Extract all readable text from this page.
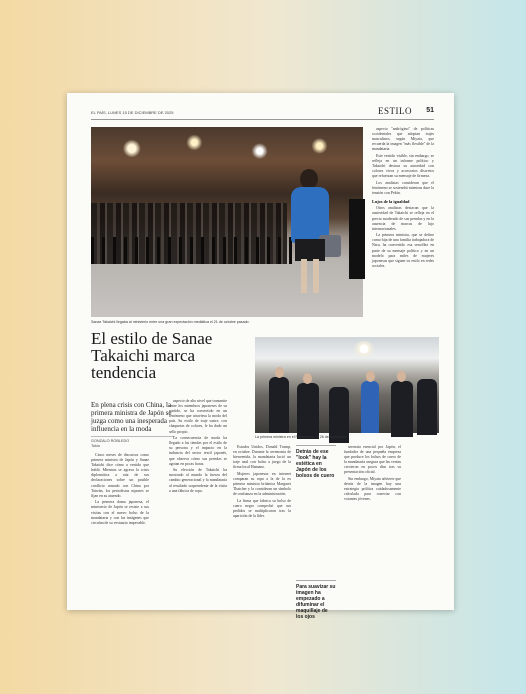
EL PAÍS, LUNES 15 DE DICIEMBRE DE 2025	ESTILO 51
Sanae Takaichi llegaba al ministerio entre una gran expectación mediática el 21 de octubre pasado.
El estilo de Sanae Takaichi marca tendencia
En plena crisis con China, la primera ministra de Japón se juzga como una inesperada influencia en la moda
GONZALO ROBLEDO
Tokio

Cinco meses de discursos como primera ministra de Japón y Sanae Takaichi dice cómo a vestido que habló. Mientras se agrava la crisis diplomática a raíz de sus declaraciones sobre un posible conflicto armado con China por Taiwán, los periodistas nipones se fijan en su atuendo.

La primera dama japonesa, el ministerio de Japón se resiste a sus visitas con el nuevo bolso de la mandataria y con las imágenes que circulan de su vestuario impecable.

aspecto de alto nivel que transmite entre los miembros japoneses de su partido, se ha convertido en un fenómeno que atraviesa la moda del país. Su estilo de traje sastre, con chaquetas de colores, le ha dado un sello propio.

La consecuencia de moda ha llegado a las tiendas por el estilo de su persona y el impacto en la industria del sector textil japonés, que observa cómo sus prendas se agotan en pocas horas.

Su elección de Takaichi ha mostrado al mundo la fuerza del cambio generacional y la mandataria al resultado sorprendente de la visita a una fábrica de ropa.

La primera ministra en el Parlamento, el 26 de noviembre.

Estados Unidos, Donald Trump, en octubre. Durante la ceremonia de bienvenida, la mandataria lució un traje azul con bolso a juego de la firma local Hamano.

Mujeres japonesas en internet comparan su ropa a la de la ex primera ministra británica Margaret Thatcher y la consideran un símbolo de confianza en la administración.

La firma que fabrica su bolso de cuero negro comprobó que sus pedidos se multiplicaron tras la aparición de la líder.

Detrás de ese "look" hay la estética en Japón de los bolsos de cuero

serenata esencial por Japón, el fundador de una pequeña empresa que produce los bolsos de cuero de la mandataria asegura que las ventas crecieron en pocos días tras su presentación oficial.

Sin embargo, Miyata advierte que detrás de la imagen hay una estrategia política cuidadosamente calculada para conectar con votantes jóvenes.

Para suavizar su imagen ha empezado a difuminar el maquillaje de los ojos

aspecto "andrógino" de políticas occidentales que adoptan trajes masculinos, según Miyata, que recuerda la imagen "más flexible" de la mandataria.

Este vestido visible, sin embargo, se refleja en un informe político y Takaichi destaca su autoridad con colores vivos y accesorios discretos que refuerzan su mensaje de firmeza.

Los analistas consideran que el fenómeno se sostendrá mientras dure la tensión con Pekín.

Lujos de la igualdad

Otros analistas destacan que la austeridad de Takaichi se refleja en el precio moderado de sus prendas y en la ausencia de marcas de lujo internacionales.

La primera ministra, que se define como hija de una familia trabajadora de Nara, ha convertido esa sencillez en parte de su mensaje político y en un modelo para miles de mujeres japonesas que siguen su estilo en redes sociales.
